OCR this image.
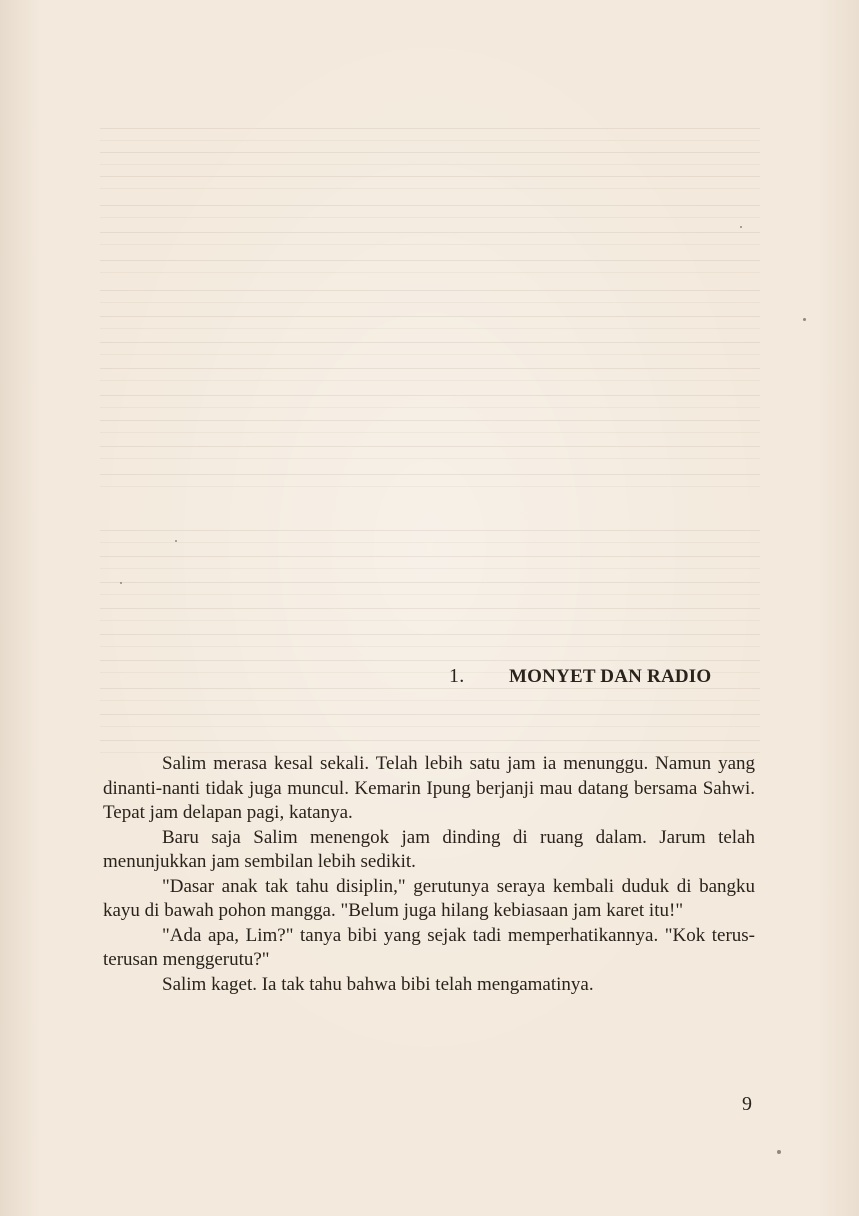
1. MONYET DAN RADIO

Salim merasa kesal sekali. Telah lebih satu jam ia menunggu. Namun yang dinanti-nanti tidak juga muncul. Kemarin Ipung berjanji mau datang bersama Sahwi. Tepat jam delapan pagi, katanya.

Baru saja Salim menengok jam dinding di ruang dalam. Jarum telah menunjukkan jam sembilan lebih sedikit.

"Dasar anak tak tahu disiplin," gerutunya seraya kembali duduk di bangku kayu di bawah pohon mangga. "Belum juga hilang kebiasaan jam karet itu!"

"Ada apa, Lim?" tanya bibi yang sejak tadi memperhatikannya. "Kok terus-terusan menggerutu?"

Salim kaget. Ia tak tahu bahwa bibi telah mengamatinya.

9
